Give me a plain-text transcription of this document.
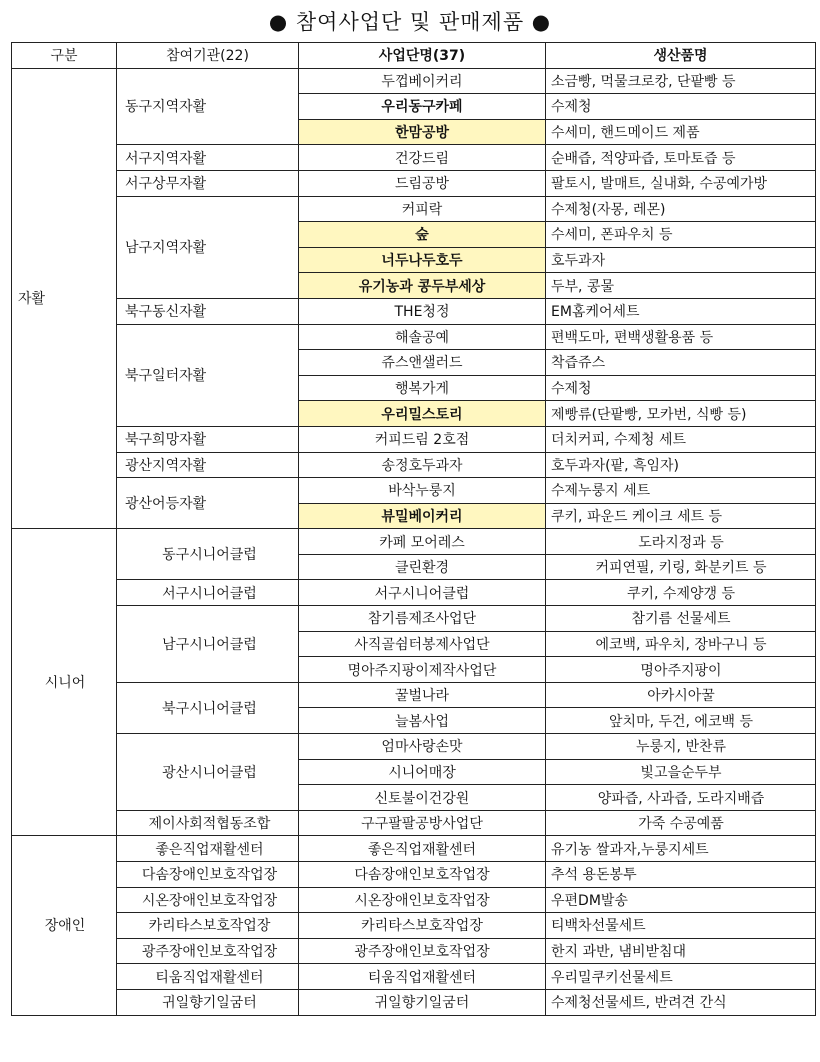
● 참여사업단 및 판매제품 ●
구분	참여기관(22)	사업단명(37)	생산품명
자활	동구지역자활	두껍베이커리	소금빵, 먹물크로캉, 단팥빵 등
		우리동구카페	수제청
		한맘공방	수세미, 핸드메이드 제품
	서구지역자활	건강드림	순배즙, 적양파즙, 토마토즙 등
	서구상무자활	드림공방	팔토시, 발매트, 실내화, 수공예가방
	남구지역자활	커피락	수제청(자몽, 레몬)
		숲	수세미, 폰파우치 등
		너두나두호두	호두과자
		유기농과 콩두부세상	두부, 콩물
	북구동신자활	THE청정	EM홈케어세트
	북구일터자활	해솔공예	편백도마, 편백생활용품 등
		쥬스앤샐러드	착즙쥬스
		행복가게	수제청
		우리밀스토리	제빵류(단팥빵, 모카번, 식빵 등)
	북구희망자활	커피드림 2호점	더치커피, 수제청 세트
	광산지역자활	송정호두과자	호두과자(팥, 흑임자)
	광산어등자활	바삭누룽지	수제누룽지 세트
		뷰밀베이커리	쿠키, 파운드 케이크 세트 등
시니어	동구시니어클럽	카페 모어레스	도라지정과 등
		클린환경	커피연필, 키링, 화분키트 등
	서구시니어클럽	서구시니어클럽	쿠키, 수제양갱 등
	남구시니어클럽	참기름제조사업단	참기름 선물세트
		사직골쉼터봉제사업단	에코백, 파우치, 장바구니 등
		명아주지팡이제작사업단	명아주지팡이
	북구시니어클럽	꿀벌나라	아카시아꿀
		늘봄사업	앞치마, 두건, 에코백 등
	광산시니어클럽	엄마사랑손맛	누룽지, 반찬류
		시니어매장	빛고을순두부
		신토불이건강원	양파즙, 사과즙, 도라지배즙
	제이사회적협동조합	구구팔팔공방사업단	가죽 수공예품
장애인	좋은직업재활센터	좋은직업재활센터	유기농 쌀과자,누룽지세트
	다솜장애인보호작업장	다솜장애인보호작업장	추석 용돈봉투
	시온장애인보호작업장	시온장애인보호작업장	우편DM발송
	카리타스보호작업장	카리타스보호작업장	티백차선물세트
	광주장애인보호작업장	광주장애인보호작업장	한지 과반, 냄비받침대
	티움직업재활센터	티움직업재활센터	우리밀쿠키선물세트
	귀일향기일굼터	귀일향기일굼터	수제청선물세트, 반려견 간식
